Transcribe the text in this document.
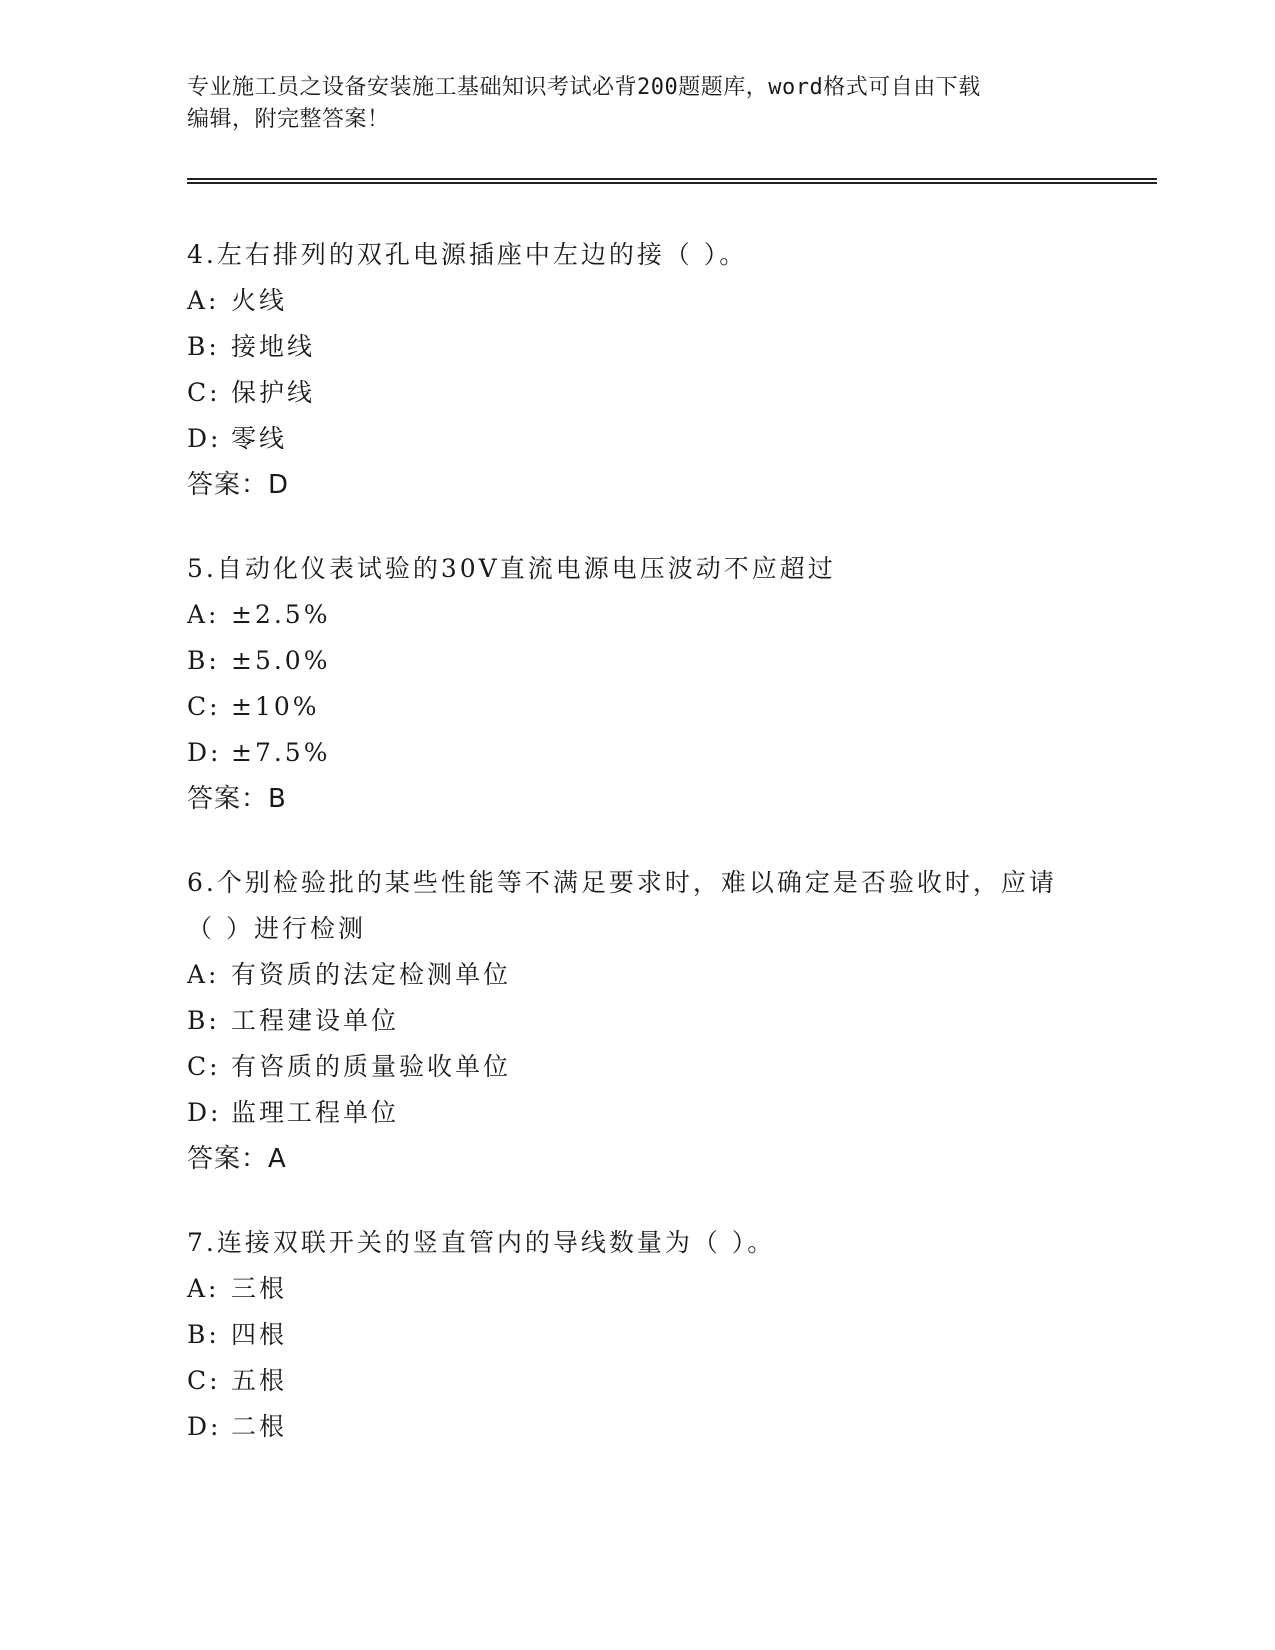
专业施工员之设备安装施工基础知识考试必背200题题库，word格式可自由下载
编辑，附完整答案！

4.左右排列的双孔电源插座中左边的接（ ）。

A: 火线

B: 接地线

C: 保护线

D: 零线

答案：D

5.自动化仪表试验的30V直流电源电压波动不应超过

A: ±2.5%

B: ±5.0%

C: ±10%

D: ±7.5%

答案：B

6.个别检验批的某些性能等不满足要求时，难以确定是否验收时，应请（ ）进行检测

A: 有资质的法定检测单位

B: 工程建设单位

C: 有咨质的质量验收单位

D: 监理工程单位

答案：A

7.连接双联开关的竖直管内的导线数量为（ ）。

A: 三根

B: 四根

C: 五根

D: 二根
